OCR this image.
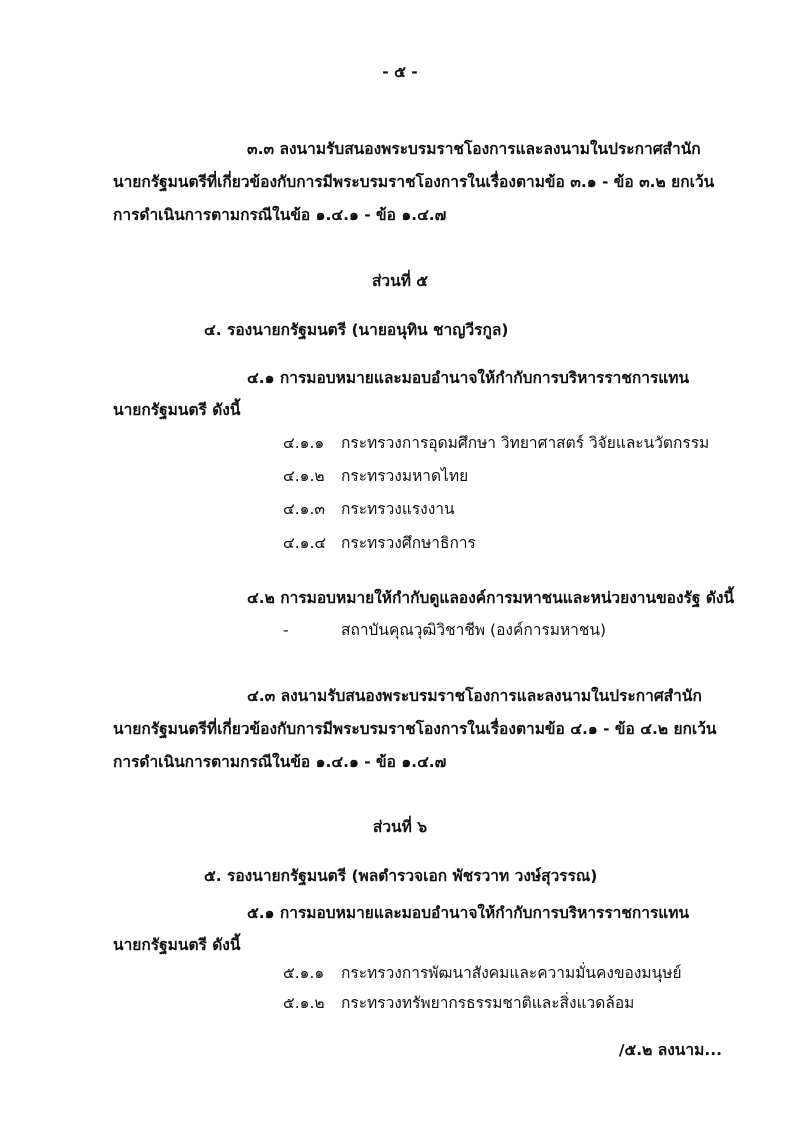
- ๕ -
๓.๓ ลงนามรับสนองพระบรมราชโองการและลงนามในประกาศสำนัก
นายกรัฐมนตรีที่เกี่ยวข้องกับการมีพระบรมราชโองการในเรื่องตามข้อ ๓.๑ - ข้อ ๓.๒ ยกเว้น
การดำเนินการตามกรณีในข้อ ๑.๔.๑ - ข้อ ๑.๔.๗
ส่วนที่ ๕
๔. รองนายกรัฐมนตรี (นายอนุทิน ชาญวีรกูล)
๔.๑ การมอบหมายและมอบอำนาจให้กำกับการบริหารราชการแทน
นายกรัฐมนตรี ดังนี้
๔.๑.๑ กระทรวงการอุดมศึกษา วิทยาศาสตร์ วิจัยและนวัตกรรม
๔.๑.๒ กระทรวงมหาดไทย
๔.๑.๓ กระทรวงแรงงาน
๔.๑.๔ กระทรวงศึกษาธิการ
๔.๒ การมอบหมายให้กำกับดูแลองค์การมหาชนและหน่วยงานของรัฐ ดังนี้
-	สถาบันคุณวุฒิวิชาชีพ (องค์การมหาชน)
๔.๓ ลงนามรับสนองพระบรมราชโองการและลงนามในประกาศสำนัก
นายกรัฐมนตรีที่เกี่ยวข้องกับการมีพระบรมราชโองการในเรื่องตามข้อ ๔.๑ - ข้อ ๔.๒ ยกเว้น
การดำเนินการตามกรณีในข้อ ๑.๔.๑ - ข้อ ๑.๔.๗
ส่วนที่ ๖
๕. รองนายกรัฐมนตรี (พลตำรวจเอก พัชรวาท วงษ์สุวรรณ)
๕.๑ การมอบหมายและมอบอำนาจให้กำกับการบริหารราชการแทน
นายกรัฐมนตรี ดังนี้
๕.๑.๑ กระทรวงการพัฒนาสังคมและความมั่นคงของมนุษย์
๕.๑.๒ กระทรวงทรัพยากรธรรมชาติและสิ่งแวดล้อม
/๕.๒ ลงนาม...
